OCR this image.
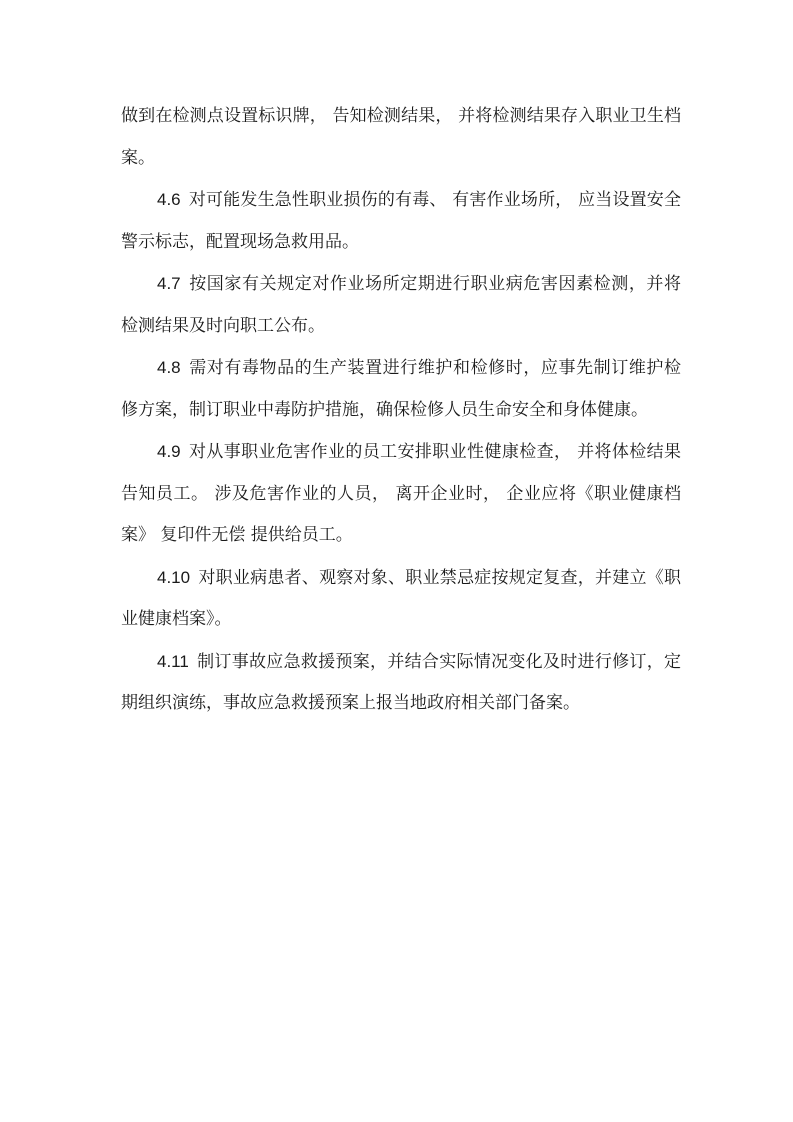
做到在检测点设置标识牌， 告知检测结果， 并将检测结果存入职业卫生档案。

4.6 对可能发生急性职业损伤的有毒、 有害作业场所， 应当设置安全警示标志，配置现场急救用品。

4.7 按国家有关规定对作业场所定期进行职业病危害因素检测，并将检测结果及时向职工公布。

4.8 需对有毒物品的生产装置进行维护和检修时，应事先制订维护检修方案，制订职业中毒防护措施，确保检修人员生命安全和身体健康。

4.9 对从事职业危害作业的员工安排职业性健康检查， 并将体检结果告知员工。 涉及危害作业的人员， 离开企业时， 企业应将《职业健康档案》 复印件无偿 提供给员工。

4.10 对职业病患者、观察对象、职业禁忌症按规定复查，并建立《职业健康档案》。

4.11 制订事故应急救援预案，并结合实际情况变化及时进行修订，定期组织演练，事故应急救援预案上报当地政府相关部门备案。
